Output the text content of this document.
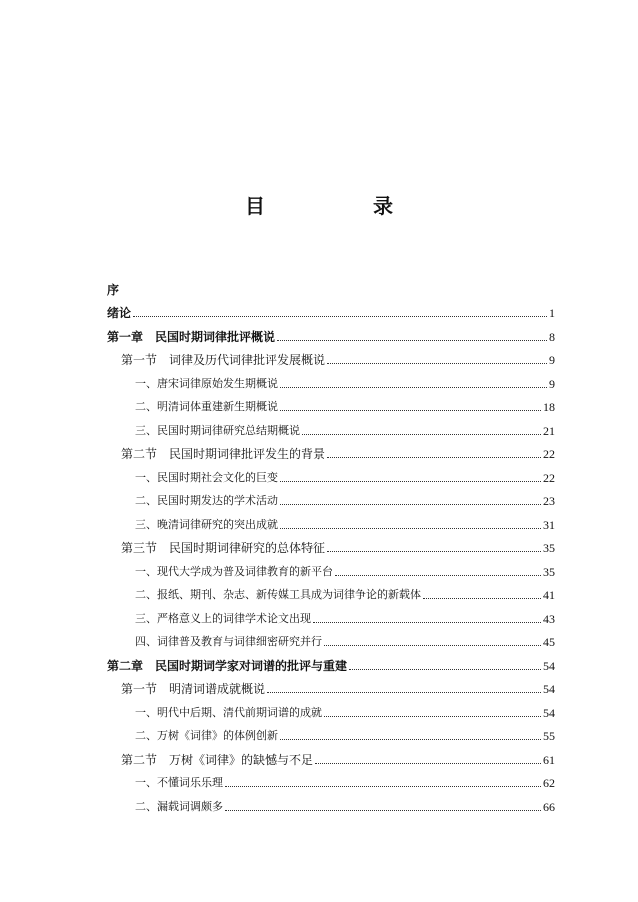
目　录
序
绪论	1
第一章　民国时期词律批评概说	8
第一节　词律及历代词律批评发展概说	9
一、唐宋词律原始发生期概说	9
二、明清词体重建新生期概说	18
三、民国时期词律研究总结期概说	21
第二节　民国时期词律批评发生的背景	22
一、民国时期社会文化的巨变	22
二、民国时期发达的学术活动	23
三、晚清词律研究的突出成就	31
第三节　民国时期词律研究的总体特征	35
一、现代大学成为普及词律教育的新平台	35
二、报纸、期刊、杂志、新传媒工具成为词律争论的新载体	41
三、严格意义上的词律学术论文出现	43
四、词律普及教育与词律细密研究并行	45
第二章　民国时期词学家对词谱的批评与重建	54
第一节　明清词谱成就概说	54
一、明代中后期、清代前期词谱的成就	54
二、万树《词律》的体例创新	55
第二节　万树《词律》的缺憾与不足	61
一、不懂词乐乐理	62
二、漏载词调颇多	66
